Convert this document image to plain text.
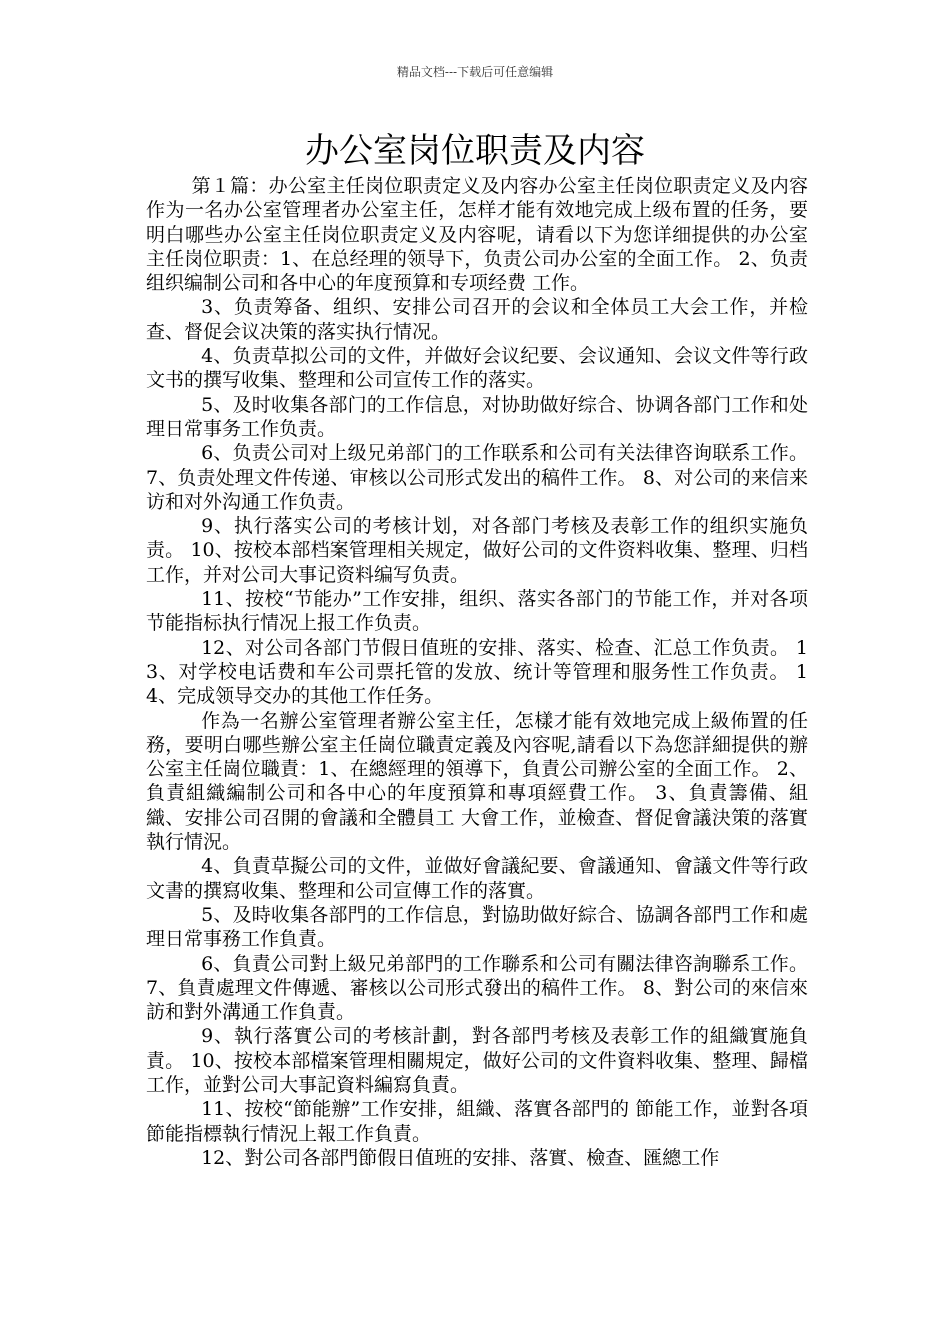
精品文档---下载后可任意编辑
办公室岗位职责及内容

第１篇：办公室主任岗位职责定义及内容办公室主任岗位职责定义及内容作为一名办公室管理者办公室主任，怎样才能有效地完成上级布置的任务，要明白哪些办公室主任岗位职责定义及内容呢，请看以下为您详细提供的办公室主任岗位职责：1、在总经理的领导下，负责公司办公室的全面工作。 2、负责组织编制公司和各中心的年度预算和专项经费 工作。

3、负责筹备、组织、安排公司召开的会议和全体员工大会工作，并检查、督促会议决策的落实执行情况。

4、负责草拟公司的文件，并做好会议纪要、会议通知、会议文件等行政文书的撰写收集、整理和公司宣传工作的落实。

5、及时收集各部门的工作信息，对协助做好综合、协调各部门工作和处理日常事务工作负责。

6、负责公司对上级兄弟部门的工作联系和公司有关法律咨询联系工作。 7、负责处理文件传递、审核以公司形式发出的稿件工作。 8、对公司的来信来访和对外沟通工作负责。

9、执行落实公司的考核计划，对各部门考核及表彰工作的组织实施负责。 10、按校本部档案管理相关规定，做好公司的文件资料收集、整理、归档工作，并对公司大事记资料编写负责。

11、按校“节能办”工作安排，组织、落实各部门的节能工作，并对各项节能指标执行情况上报工作负责。

12、对公司各部门节假日值班的安排、落实、检查、汇总工作负责。 13、对学校电话费和车公司票托管的发放、统计等管理和服务性工作负责。 14、完成领导交办的其他工作任务。

作為一名辦公室管理者辦公室主任，怎樣才能有效地完成上級佈置的任務，要明白哪些辦公室主任崗位職責定義及內容呢,請看以下為您詳細提供的辦公室主任崗位職責：1、在總經理的領導下，負責公司辦公室的全面工作。 2、負責組織編制公司和各中心的年度預算和專項經費工作。 3、負責籌備、組織、安排公司召開的會議和全體員工 大會工作，並檢查、督促會議決策的落實執行情況。

4、負責草擬公司的文件，並做好會議紀要、會議通知、會議文件等行政文書的撰寫收集、整理和公司宣傳工作的落實。

5、及時收集各部門的工作信息，對協助做好綜合、協調各部門工作和處理日常事務工作負責。

6、負責公司對上級兄弟部門的工作聯系和公司有關法律咨詢聯系工作。 7、負責處理文件傳遞、審核以公司形式發出的稿件工作。 8、對公司的來信來訪和對外溝通工作負責。

9、執行落實公司的考核計劃，對各部門考核及表彰工作的組織實施負責。 10、按校本部檔案管理相關規定，做好公司的文件資料收集、整理、歸檔工作，並對公司大事記資料編寫負責。

11、按校“節能辦”工作安排，組織、落實各部門的 節能工作，並對各項節能指標執行情況上報工作負責。

12、對公司各部門節假日值班的安排、落實、檢查、匯總工作
